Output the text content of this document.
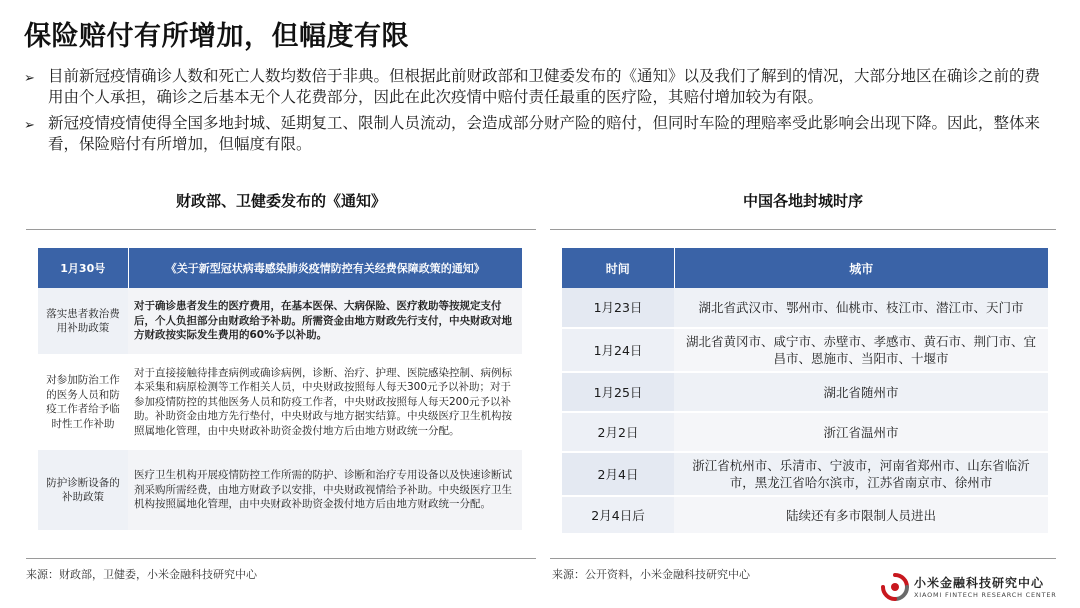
保险赔付有所增加，但幅度有限
➢ 目前新冠疫情确诊人数和死亡人数均数倍于非典。但根据此前财政部和卫健委发布的《通知》以及我们了解到的情况，大部分地区在确诊之前的费用由个人承担，确诊之后基本无个人花费部分，因此在此次疫情中赔付责任最重的医疗险，其赔付增加较为有限。
➢ 新冠疫情疫情使得全国多地封城、延期复工、限制人员流动，会造成部分财产险的赔付，但同时车险的理赔率受此影响会出现下降。因此，整体来看，保险赔付有所增加，但幅度有限。
财政部、卫健委发布的《通知》	中国各地封城时序
1月30号	《关于新型冠状病毒感染肺炎疫情防控有关经费保障政策的通知》
落实患者救治费用补助政策	对于确诊患者发生的医疗费用，在基本医保、大病保险、医疗救助等按规定支付后，个人负担部分由财政给予补助。所需资金由地方财政先行支付，中央财政对地方财政按实际发生费用的60%予以补助。
对参加防治工作的医务人员和防疫工作者给予临时性工作补助	对于直接接触待排查病例或确诊病例，诊断、治疗、护理、医院感染控制、病例标本采集和病原检测等工作相关人员，中央财政按照每人每天300元予以补助；对于参加疫情防控的其他医务人员和防疫工作者，中央财政按照每人每天200元予以补助。补助资金由地方先行垫付，中央财政与地方据实结算。中央级医疗卫生机构按照属地化管理，由中央财政补助资金拨付地方后由地方财政统一分配。
防护诊断设备的补助政策	医疗卫生机构开展疫情防控工作所需的防护、诊断和治疗专用设备以及快速诊断试剂采购所需经费，由地方财政予以安排，中央财政视情给予补助。中央级医疗卫生机构按照属地化管理，由中央财政补助资金拨付地方后由地方财政统一分配。
时间	城市
1月23日	湖北省武汉市、鄂州市、仙桃市、枝江市、潜江市、天门市
1月24日	湖北省黄冈市、咸宁市、赤壁市、孝感市、黄石市、荆门市、宜昌市、恩施市、当阳市、十堰市
1月25日	湖北省随州市
2月2日	浙江省温州市
2月4日	浙江省杭州市、乐清市、宁波市，河南省郑州市、山东省临沂市，黑龙江省哈尔滨市，江苏省南京市、徐州市
2月4日后	陆续还有多市限制人员进出
来源：财政部，卫健委，小米金融科技研究中心	来源：公开资料，小米金融科技研究中心
小米金融科技研究中心
XIAOMI FINTECH RESEARCH CENTER
